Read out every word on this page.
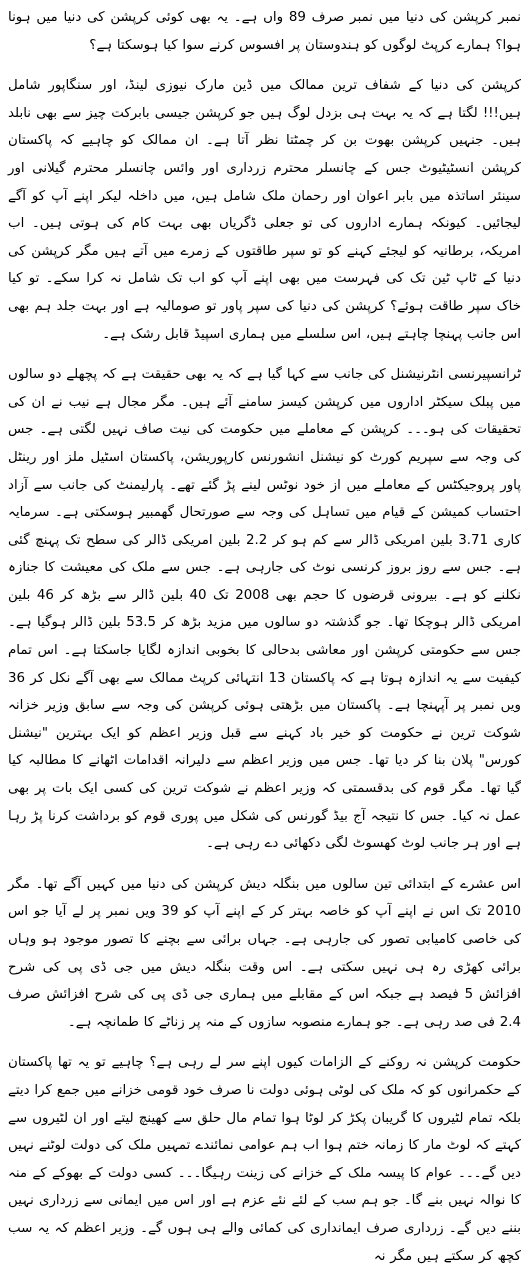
نمبر کرپشن کی دنیا میں نمبر صرف 89 واں ہے۔ یہ بھی کوئی کرپشن کی دنیا میں ہونا ہوا؟ ہمارے کرپٹ لوگوں کو ہندوستان پر افسوس کرنے سوا کیا ہوسکتا ہے؟

کرپشن کی دنیا کے شفاف ترین ممالک میں ڈین مارک نیوزی لینڈ، اور سنگاپور شامل ہیں!!! لگتا ہے کہ یہ بہت ہی بزدل لوگ ہیں جو کرپشن جیسی بابرکت چیز سے بھی نابلد ہیں۔ جنہیں کرپشن بھوت بن کر چمٹتا نظر آتا ہے۔ ان ممالک کو چاہیے کہ پاکستان کرپشن انسٹیٹیوٹ جس کے چانسلر محترم زرداری اور وائس چانسلر محترم گیلانی اور سینئر اساتذہ میں بابر اعوان اور رحمان ملک شامل ہیں، میں داخلہ لیکر اپنے آپ کو آگے لیجائیں۔ کیونکہ ہمارے اداروں کی تو جعلی ڈگریاں بھی بہت کام کی ہوتی ہیں۔ اب امریکہ، برطانیہ کو لیجئے کہنے کو تو سپر طاقتوں کے زمرے میں آتے ہیں مگر کرپشن کی دنیا کے ٹاپ ٹین تک کی فہرست میں بھی اپنے آپ کو اب تک شامل نہ کرا سکے۔ تو کیا خاک سپر طاقت ہوئے؟ کرپشن کی دنیا کی سپر پاور تو صومالیہ ہے اور بہت جلد ہم بھی اس جانب پہنچا چاہتے ہیں، اس سلسلے میں ہماری اسپیڈ قابل رشک ہے۔

ٹرانسپیرنسی انٹرنیشنل کی جانب سے کہا گیا ہے کہ یہ بھی حقیقت ہے کہ پچھلے دو سالوں میں پبلک سیکٹر اداروں میں کرپشن کیسز سامنے آئے ہیں۔ مگر مجال ہے نیب نے ان کی تحقیقات کی ہو۔۔۔ کرپشن کے معاملے میں حکومت کی نیت صاف نہیں لگتی ہے۔ جس کی وجہ سے سپریم کورٹ کو نیشنل انشورنس کارپوریشن، پاکستان اسٹیل ملز اور رینٹل پاور پروجیکٹس کے معاملے میں از خود نوٹس لینے پڑ گئے تھے۔ پارلیمنٹ کی جانب سے آزاد احتساب کمیشن کے قیام میں تساہل کی وجہ سے صورتحال گھمبیر ہوسکتی ہے۔ سرمایہ کاری 3.71 بلین امریکی ڈالر سے کم ہو کر 2.2 بلین امریکی ڈالر کی سطح تک پہنچ گئی ہے۔ جس سے روز بروز کرنسی نوٹ کی جارہی ہے۔ جس سے ملک کی معیشت کا جنازہ نکلنے کو ہے۔ بیرونی قرضوں کا حجم بھی 2008 تک 40 بلین ڈالر سے بڑھ کر 46 بلین امریکی ڈالر ہوچکا تھا۔ جو گذشتہ دو سالوں میں مزید بڑھ کر 53.5 بلین ڈالر ہوگیا ہے۔ جس سے حکومتی کرپشن اور معاشی بدحالی کا بخوبی اندازہ لگایا جاسکتا ہے۔ اس تمام کیفیت سے یہ اندازہ ہوتا ہے کہ پاکستان 13 انتہائی کرپٹ ممالک سے بھی آگے نکل کر 36 ویں نمبر پر آپہنچا ہے۔ پاکستان میں بڑھتی ہوئی کرپشن کی وجہ سے سابق وزیر خزانہ شوکت ترین نے حکومت کو خیر باد کہنے سے قبل وزیر اعظم کو ایک بہترین "نیشنل کورس" پلان بنا کر دیا تھا۔ جس میں وزیر اعظم سے دلیرانہ اقدامات اٹھانے کا مطالبہ کیا گیا تھا۔ مگر قوم کی بدقسمتی کہ وزیر اعظم نے شوکت ترین کی کسی ایک بات پر بھی عمل نہ کیا۔ جس کا نتیجہ آج بیڈ گورنس کی شکل میں پوری قوم کو برداشت کرنا پڑ رہا ہے اور ہر جانب لوٹ کھسوٹ لگی دکھائی دے رہی ہے۔

اس عشرے کے ابتدائی تین سالوں میں بنگلہ دیش کرپشن کی دنیا میں کہیں آگے تھا۔ مگر 2010 تک اس نے اپنے آپ کو خاصہ بہتر کر کے اپنے آپ کو 39 ویں نمبر پر لے آیا جو اس کی خاصی کامیابی تصور کی جارہی ہے۔ جہاں برائی سے بچنے کا تصور موجود ہو وہاں برائی کھڑی رہ ہی نہیں سکتی ہے۔ اس وقت بنگلہ دیش میں جی ڈی پی کی شرح افزائش 5 فیصد ہے جبکہ اس کے مقابلے میں ہماری جی ڈی پی کی شرح افزائش صرف 2.4 فی صد رہی ہے۔ جو ہمارے منصوبہ سازوں کے منہ پر زناٹے کا طمانچہ ہے۔

حکومت کرپشن نہ روکنے کے الزامات کیوں اپنے سر لے رہی ہے؟ چاہیے تو یہ تھا پاکستان کے حکمرانوں کو کہ ملک کی لوٹی ہوئی دولت نا صرف خود قومی خزانے میں جمع کرا دیتے بلکہ تمام لٹیروں کا گریبان پکڑ کر لوٹا ہوا تمام مال حلق سے کھینچ لیتے اور ان لٹیروں سے کہتے کہ لوٹ مار کا زمانہ ختم ہوا اب ہم عوامی نمائندے تمہیں ملک کی دولت لوٹنے نہیں دیں گے۔۔۔ عوام کا پیسہ ملک کے خزانے کی زینت رہیگا۔۔۔ کسی دولت کے بھوکے کے منہ کا نوالہ نہیں بنے گا۔ جو ہم سب کے لئے نئے عزم ہے اور اس میں ایمانی سے زرداری نہیں بننے دیں گے۔ زرداری صرف ایمانداری کی کمائی والے ہی ہوں گے۔ وزیر اعظم کہ یہ سب کچھ کر سکتے ہیں مگر نہ
